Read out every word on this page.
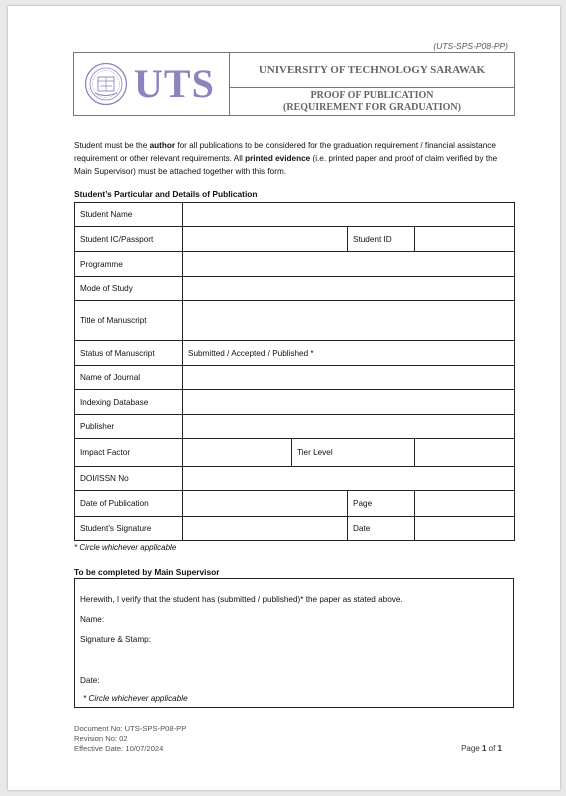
(UTS-SPS-P08-PP)
UTS	UNIVERSITY OF TECHNOLOGY SARAWAK
PROOF OF PUBLICATION
(REQUIREMENT FOR GRADUATION)
Student must be the author for all publications to be considered for the graduation requirement / financial assistance requirement or other relevant requirements. All printed evidence (i.e. printed paper and proof of claim verified by the Main Supervisor) must be attached together with this form.
Student’s Particular and Details of Publication
Student Name				
Student IC/Passport			Student ID	
Programme				
Mode of Study				
Title of Manuscript				
Status of Manuscript	Submitted / Accepted / Published *			
Name of Journal				
Indexing Database				
Publisher				
Impact Factor		Tier Level		
DOI/ISSN No				
Date of Publication			Page	
Student’s Signature			Date	
* Circle whichever applicable
To be completed by Main Supervisor
Herewith, I verify that the student has (submitted / published)* the paper as stated above.
Name:
Signature & Stamp:
Date:
* Circle whichever applicable
Document No: UTS-SPS-P08-PP
Revision No: 02
Effective Date: 10/07/2024	Page 1 of 1
